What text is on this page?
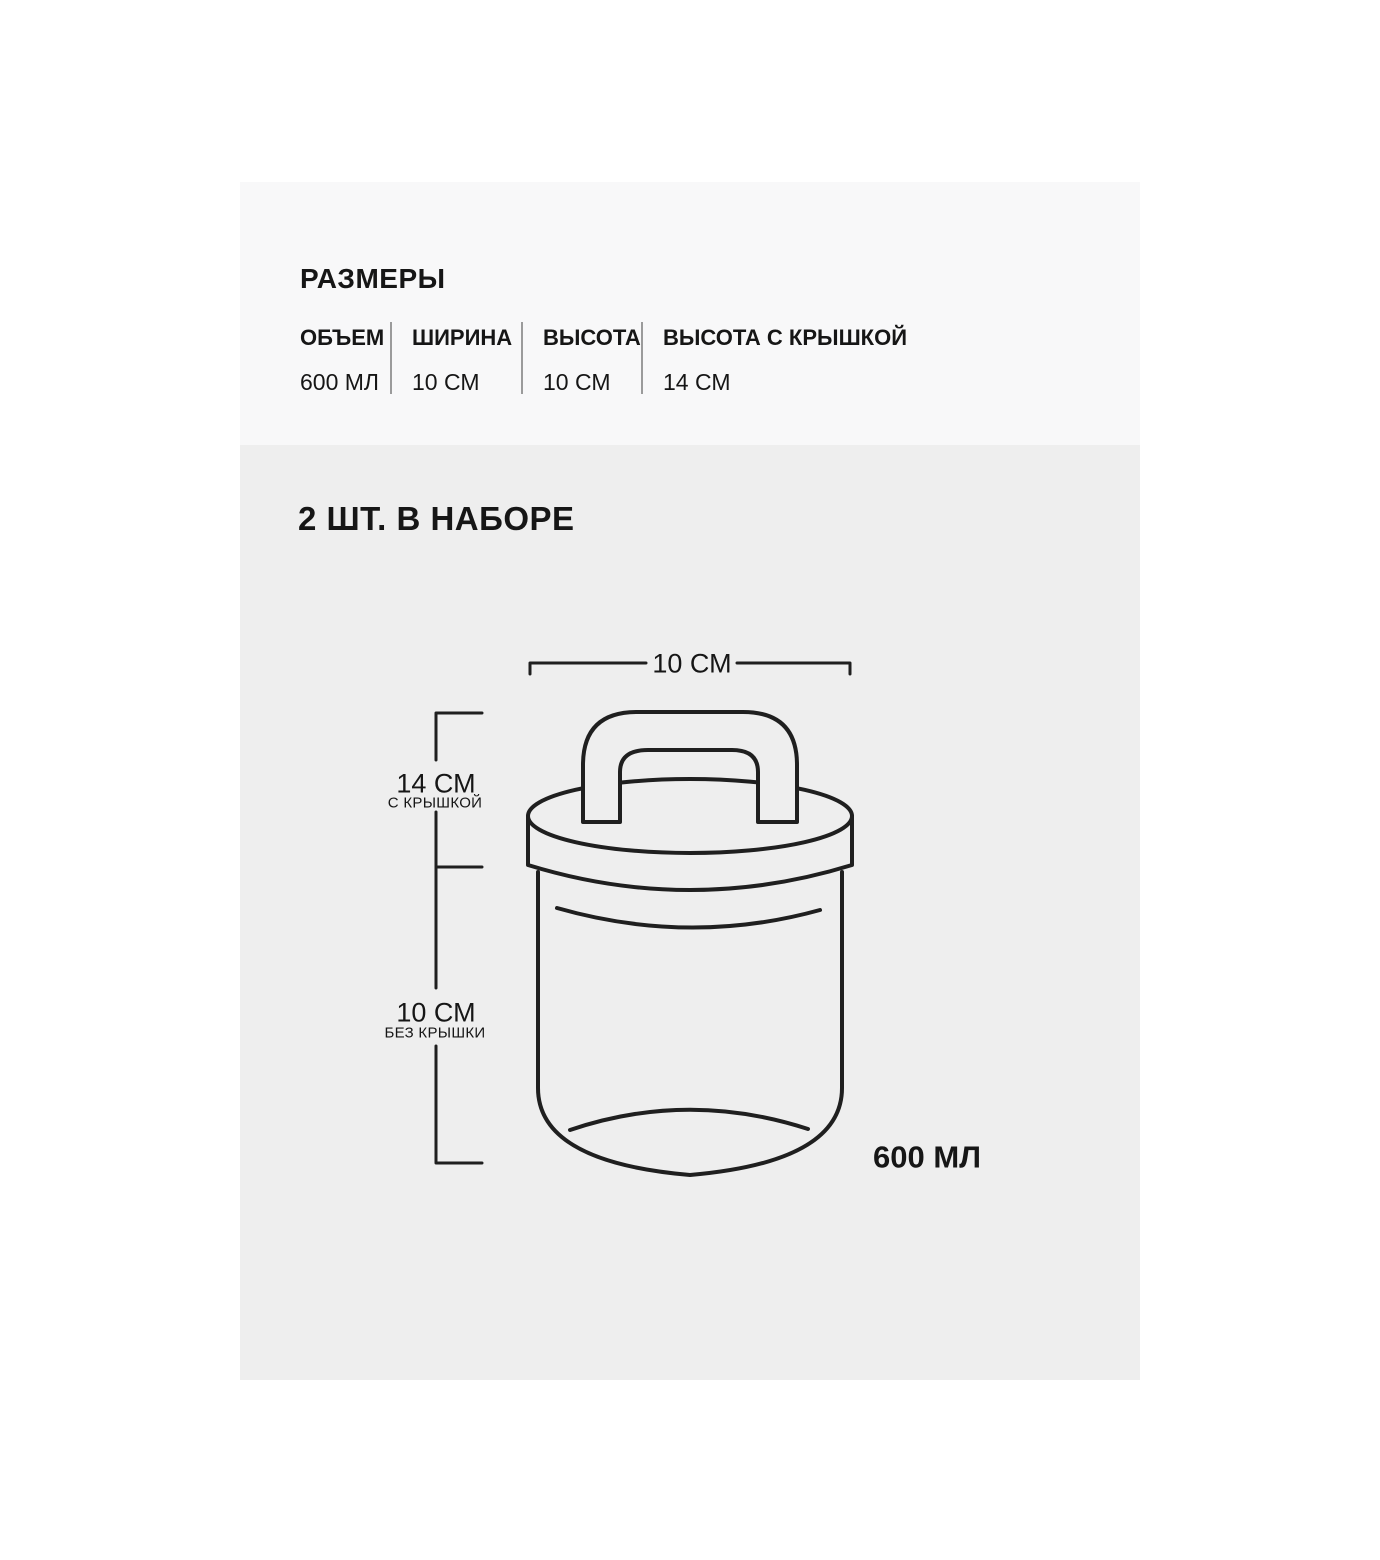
РАЗМЕРЫ
ОБЪЕМ
600 МЛ
ШИРИНА
10 СМ
ВЫСОТА
10 СМ
ВЫСОТА С КРЫШКОЙ
14 СМ
2 ШТ. В НАБОРЕ
10 СМ
14 СМ
С КРЫШКОЙ
10 СМ
БЕЗ КРЫШКИ
600 МЛ
